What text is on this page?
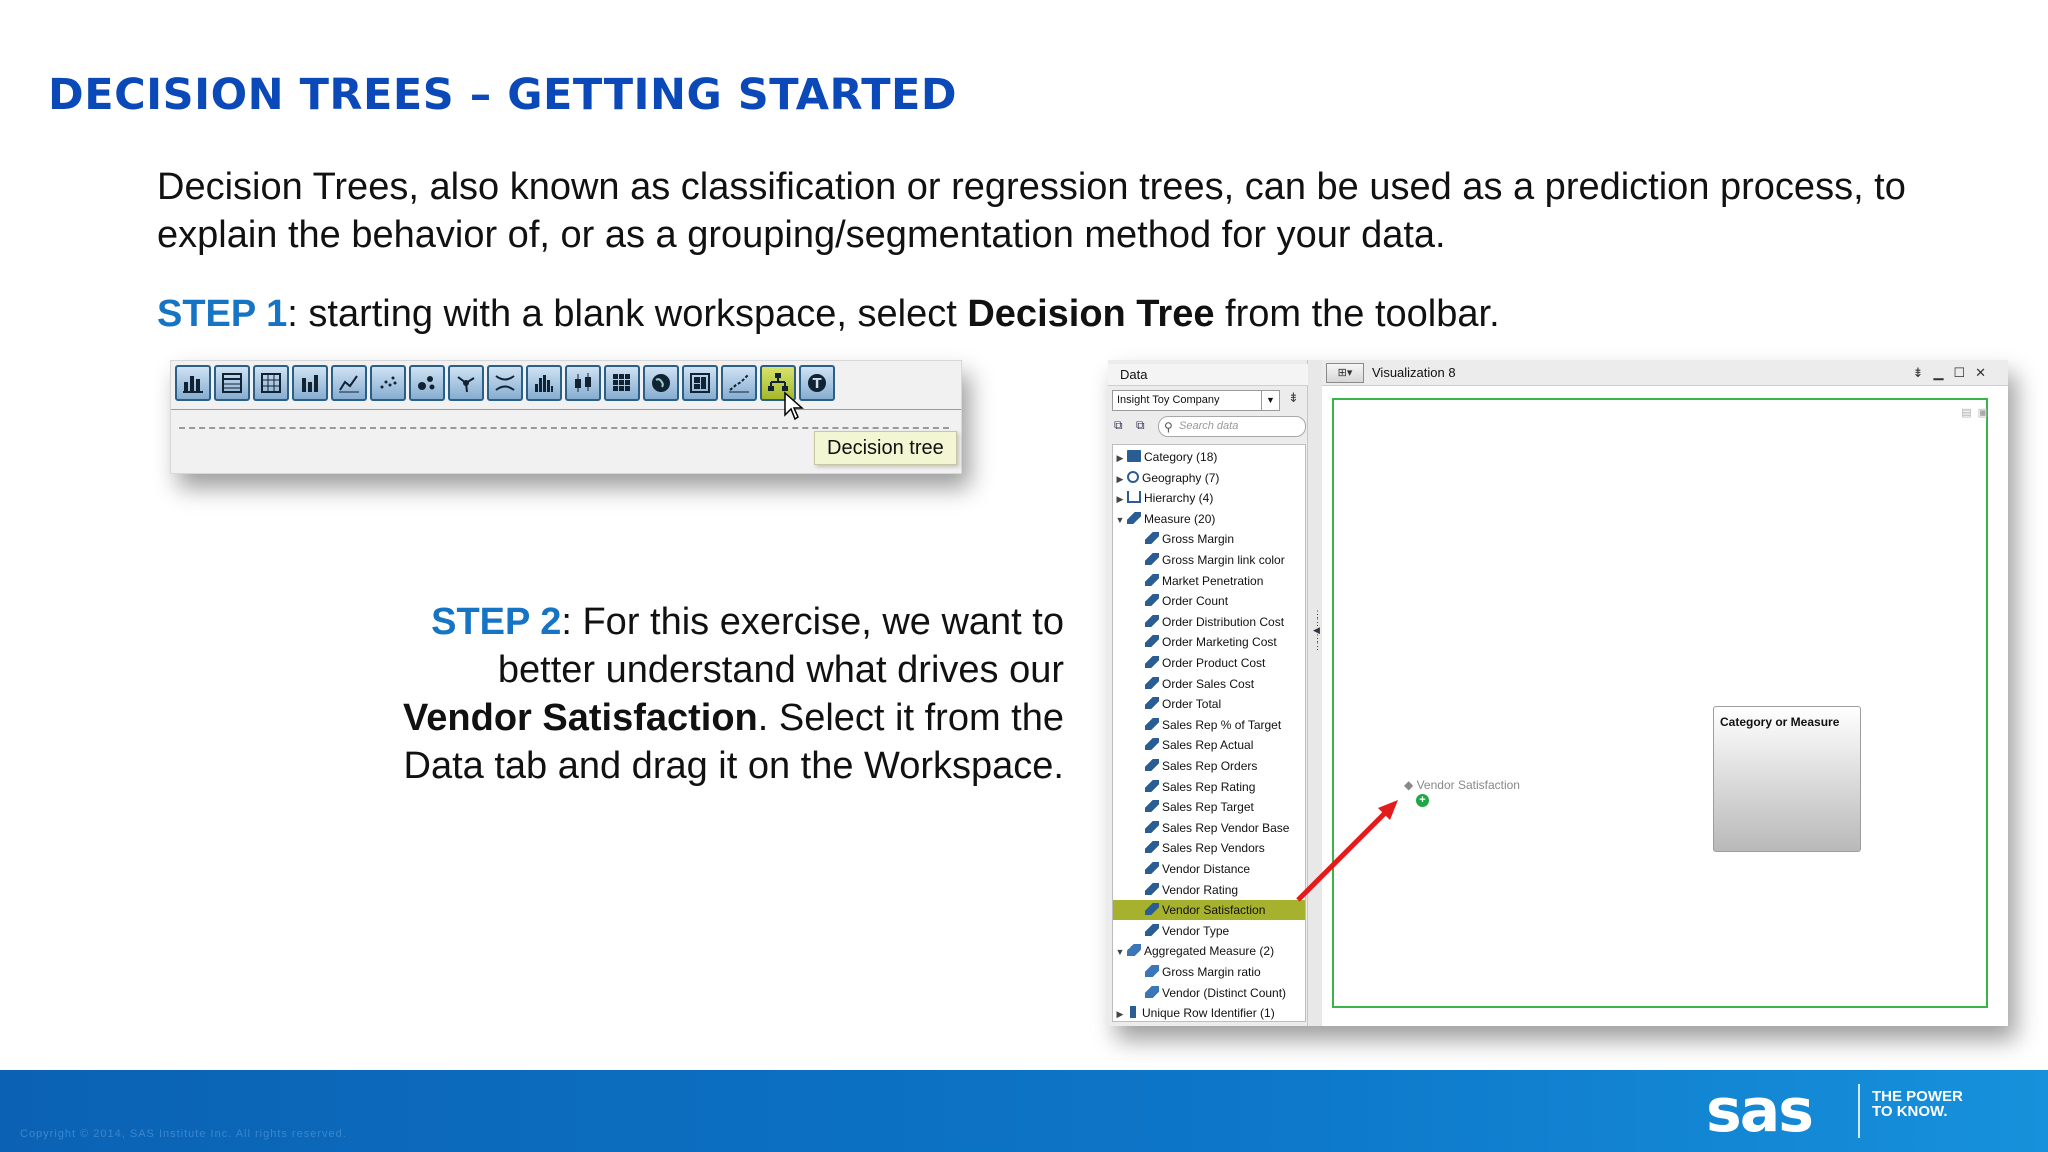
DECISION TREES – GETTING STARTED
Decision Trees, also known as classification or regression trees, can be used as a prediction process, to explain the behavior of, or as a grouping/segmentation method for your data.
STEP 1: starting with a blank workspace, select Decision Tree from the toolbar.
T
Decision tree
STEP 2: For this exercise, we want to better understand what drives our Vendor Satisfaction. Select it from the Data tab and drag it on the Workspace.
Data
Insight Toy Company	▼	⇟
⧉	⧉	⚲ Search data
▶ Category (18)
▶ Geography (7)
▶ Hierarchy (4)
▼ Measure (20)
Gross Margin
Gross Margin link color
Market Penetration
Order Count
Order Distribution Cost
Order Marketing Cost
Order Product Cost
Order Sales Cost
Order Total
Sales Rep % of Target
Sales Rep Actual
Sales Rep Orders
Sales Rep Rating
Sales Rep Target
Sales Rep Vendor Base
Sales Rep Vendors
Vendor Distance
Vendor Rating
Vendor Satisfaction
Vendor Type
▼ Aggregated Measure (2)
Gross Margin ratio
Vendor (Distinct Count)
▶ Unique Row Identifier (1)
⋮
⋮
◀
⋮
⋮
⊞▾	Visualization 8	⇟▁☐✕
▤▣
◆ Vendor Satisfaction
+
Category or Measure
Copyright © 2014, SAS Institute Inc. All rights reserved.	sas	THE POWER TO KNOW.
